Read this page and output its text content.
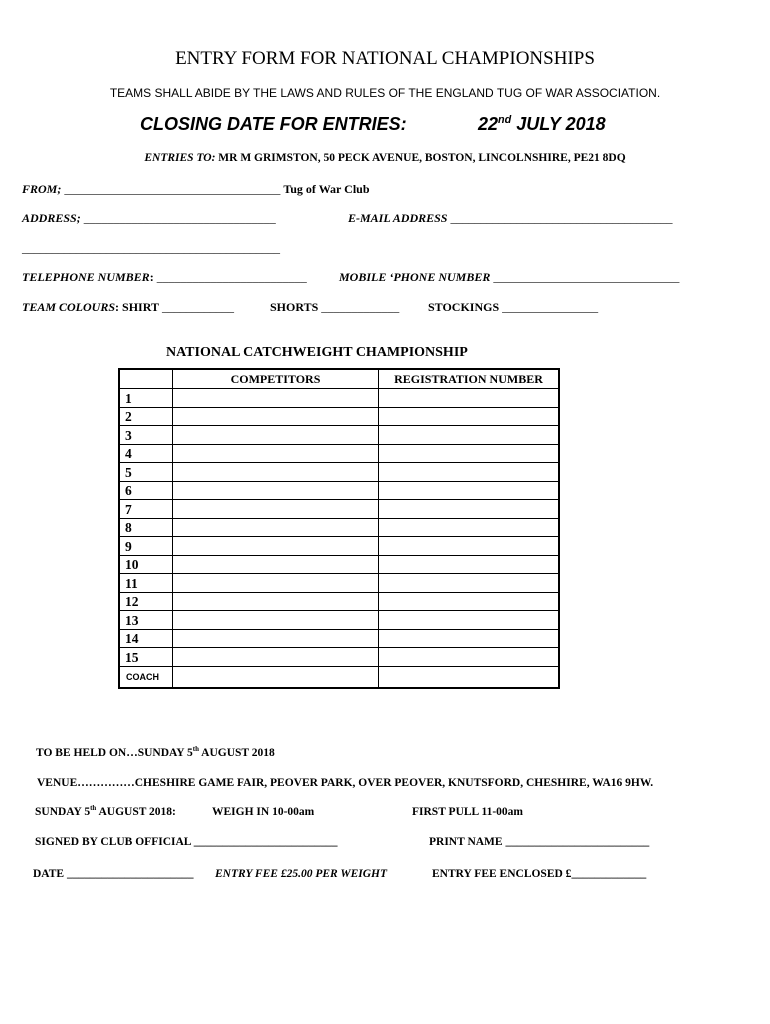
ENTRY FORM FOR NATIONAL CHAMPIONSHIPS
TEAMS SHALL ABIDE BY THE LAWS AND RULES OF THE ENGLAND TUG OF WAR ASSOCIATION.
CLOSING DATE FOR ENTRIES:	22nd JULY 2018
ENTRIES TO: MR M GRIMSTON, 50 PECK AVENUE, BOSTON, LINCOLNSHIRE, PE21 8DQ
FROM; ____________________________________ Tug of War Club
ADDRESS; ________________________________	E-MAIL ADDRESS _____________________________________
___________________________________________
TELEPHONE NUMBER: _________________________	MOBILE ‘PHONE NUMBER _______________________________
TEAM COLOURS: SHIRT ____________	SHORTS _____________ STOCKINGS ________________
NATIONAL CATCHWEIGHT CHAMPIONSHIP
	COMPETITORS	REGISTRATION NUMBER
1		
2		
3		
4		
5		
6		
7		
8		
9		
10		
11		
12		
13		
14		
15		
COACH		
TO BE HELD ON…SUNDAY 5th AUGUST 2018
VENUE……………CHESHIRE GAME FAIR, PEOVER PARK, OVER PEOVER, KNUTSFORD, CHESHIRE, WA16 9HW.
SUNDAY 5th AUGUST 2018:	WEIGH IN 10-00am	FIRST PULL 11-00am
SIGNED BY CLUB OFFICIAL _________________________	PRINT NAME _________________________
DATE ______________________ ENTRY FEE £25.00 PER WEIGHT	ENTRY FEE ENCLOSED £_____________
